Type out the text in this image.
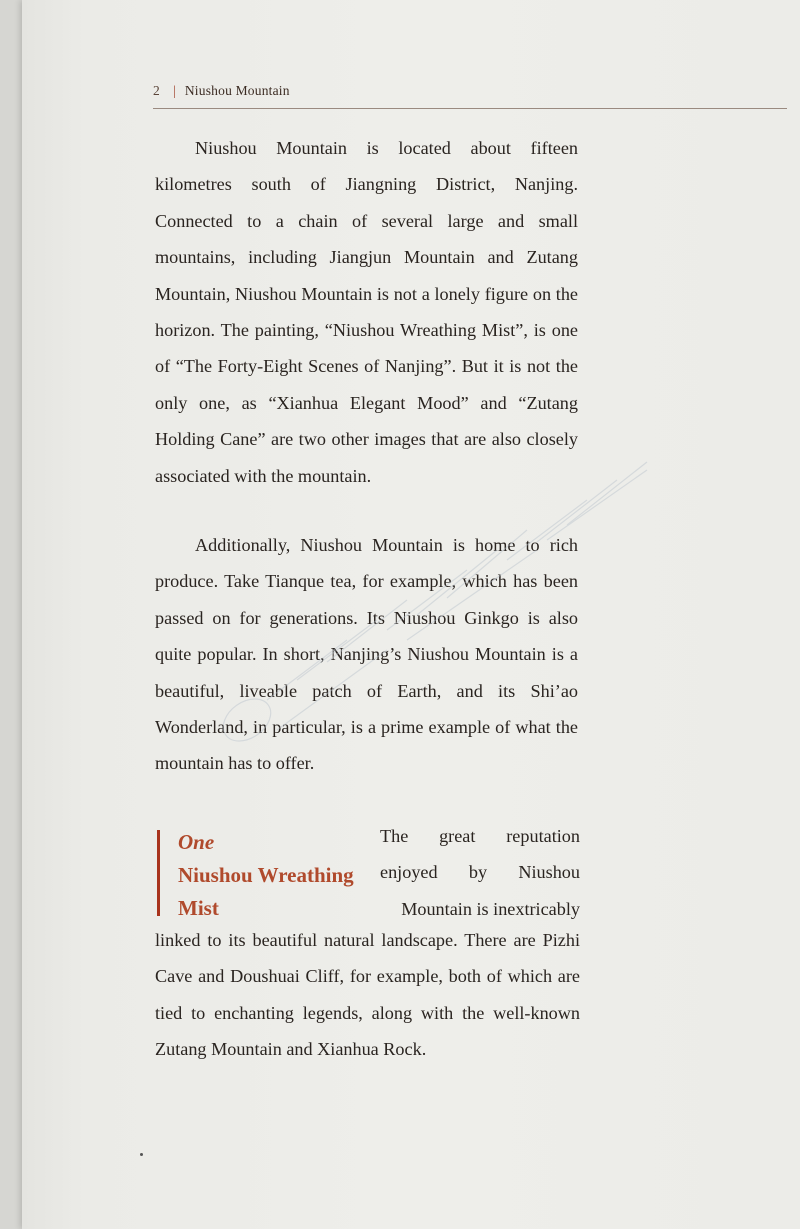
2 | Niushou Mountain

Niushou Mountain is located about fifteen kilometres south of Jiangning District, Nanjing. Connected to a chain of several large and small mountains, including Jiangjun Mountain and Zutang Mountain, Niushou Mountain is not a lonely figure on the horizon. The painting, “Niushou Wreathing Mist”, is one of “The Forty-Eight Scenes of Nanjing”. But it is not the only one, as “Xianhua Elegant Mood” and “Zutang Holding Cane” are two other images that are also closely associated with the mountain.

Additionally, Niushou Mountain is home to rich produce. Take Tianque tea, for example, which has been passed on for generations. Its Niushou Ginkgo is also quite popular. In short, Nanjing’s Niushou Mountain is a beautiful, liveable patch of Earth, and its Shi’ao Wonderland, in particular, is a prime example of what the mountain has to offer.

One
Niushou Wreathing
Mist

The great reputation enjoyed by Niushou Mountain is inextricably

linked to its beautiful natural landscape. There are Pizhi Cave and Doushuai Cliff, for example, both of which are tied to enchanting legends, along with the well-known Zutang Mountain and Xianhua Rock.
